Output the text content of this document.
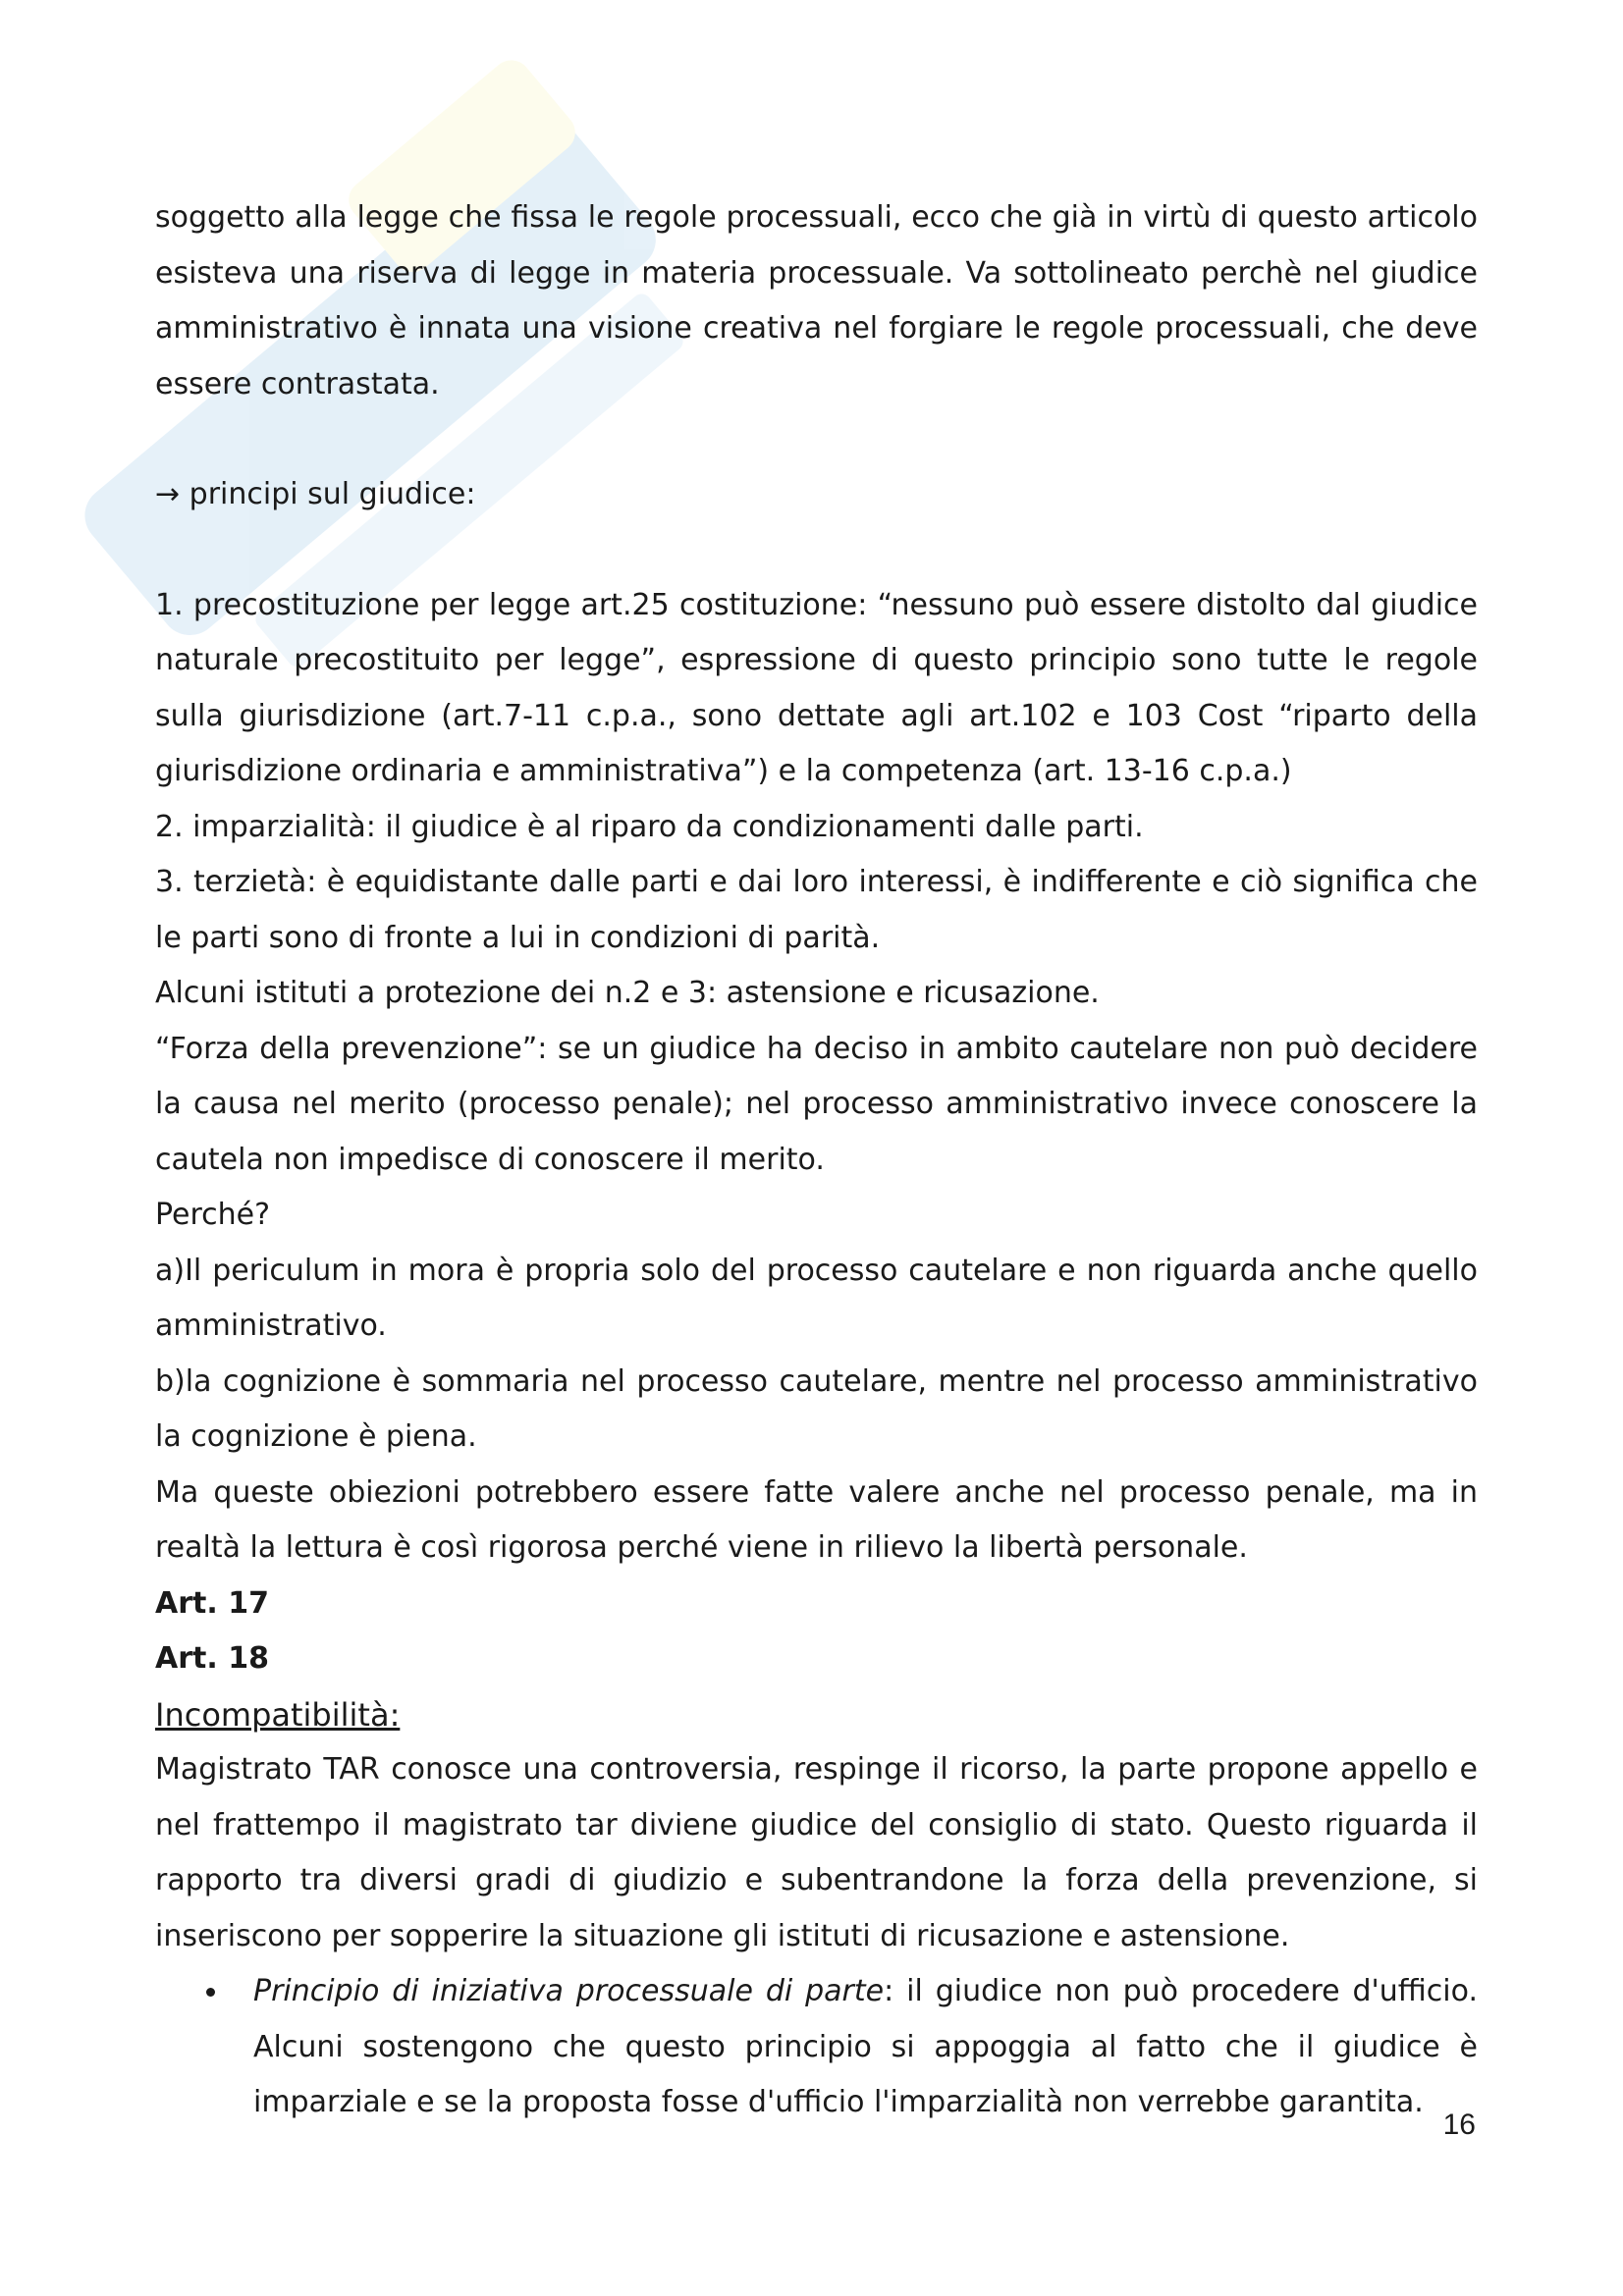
soggetto alla legge che fissa le regole processuali, ecco che già in virtù di questo articolo esisteva una riserva di legge in materia processuale. Va sottolineato perchè nel giudice amministrativo è innata una visione creativa nel forgiare le regole processuali, che deve essere contrastata.

→ principi sul giudice:

1. precostituzione per legge art.25 costituzione: “nessuno può essere distolto dal giudice naturale precostituito per legge”, espressione di questo principio sono tutte le regole sulla giurisdizione (art.7-11 c.p.a., sono dettate agli art.102 e 103 Cost “riparto della giurisdizione ordinaria e amministrativa”) e la competenza (art. 13-16 c.p.a.)

2. imparzialità: il giudice è al riparo da condizionamenti dalle parti.

3. terzietà: è equidistante dalle parti e dai loro interessi, è indifferente e ciò significa che le parti sono di fronte a lui in condizioni di parità.

Alcuni istituti a protezione dei n.2 e 3: astensione e ricusazione.

“Forza della prevenzione”: se un giudice ha deciso in ambito cautelare non può decidere la causa nel merito (processo penale); nel processo amministrativo invece conoscere la cautela non impedisce di conoscere il merito.

Perché?

a)Il periculum in mora è propria solo del processo cautelare e non riguarda anche quello amministrativo.

b)la cognizione è sommaria nel processo cautelare, mentre nel processo amministrativo la cognizione è piena.

Ma queste obiezioni potrebbero essere fatte valere anche nel processo penale, ma in realtà la lettura è così rigorosa perché viene in rilievo la libertà personale.

Art. 17

Art. 18

Incompatibilità:

Magistrato TAR conosce una controversia, respinge il ricorso, la parte propone appello e nel frattempo il magistrato tar diviene giudice del consiglio di stato. Questo riguarda il rapporto tra diversi gradi di giudizio e subentrandone la forza della prevenzione, si inseriscono per sopperire la situazione gli istituti di ricusazione e astensione.

Principio di iniziativa processuale di parte: il giudice non può procedere d'ufficio. Alcuni sostengono che questo principio si appoggia al fatto che il giudice è imparziale e se la proposta fosse d'ufficio l'imparzialità non verrebbe garantita.
16
